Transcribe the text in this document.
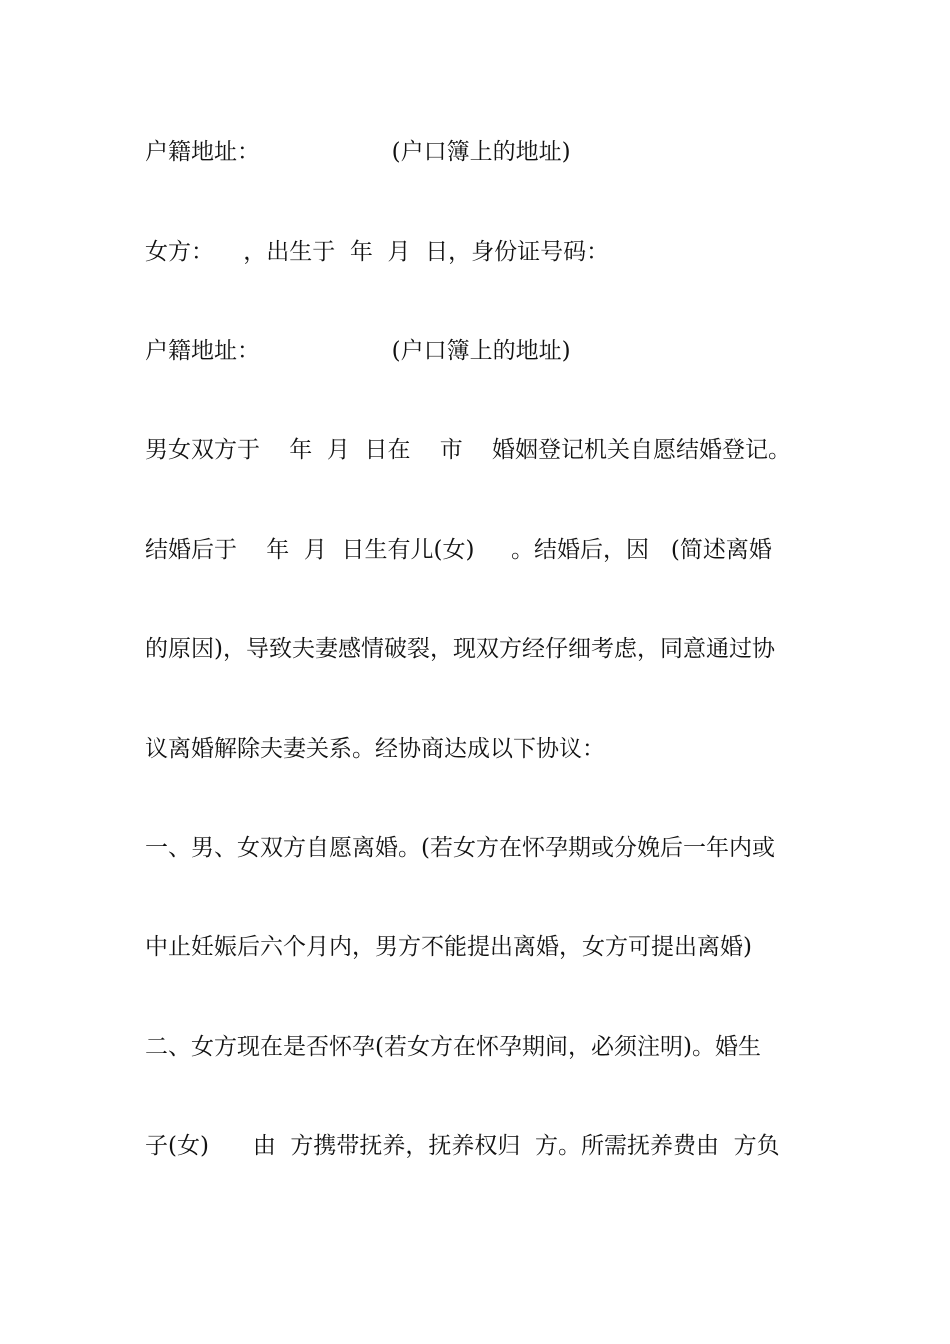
户籍地址：                  (户口簿上的地址)
女方：    ，出生于  年  月  日，身份证号码：
户籍地址：                  (户口簿上的地址)
男女双方于    年  月  日在    市    婚姻登记机关自愿结婚登记。
结婚后于    年  月  日生有儿(女)     。结婚后，因   (简述离婚
的原因)，导致夫妻感情破裂，现双方经仔细考虑，同意通过协
议离婚解除夫妻关系。经协商达成以下协议：
一、男、女双方自愿离婚。(若女方在怀孕期或分娩后一年内或
中止妊娠后六个月内，男方不能提出离婚，女方可提出离婚)
二、女方现在是否怀孕(若女方在怀孕期间，必须注明)。婚生
子(女)      由  方携带抚养，抚养权归  方。所需抚养费由  方负
